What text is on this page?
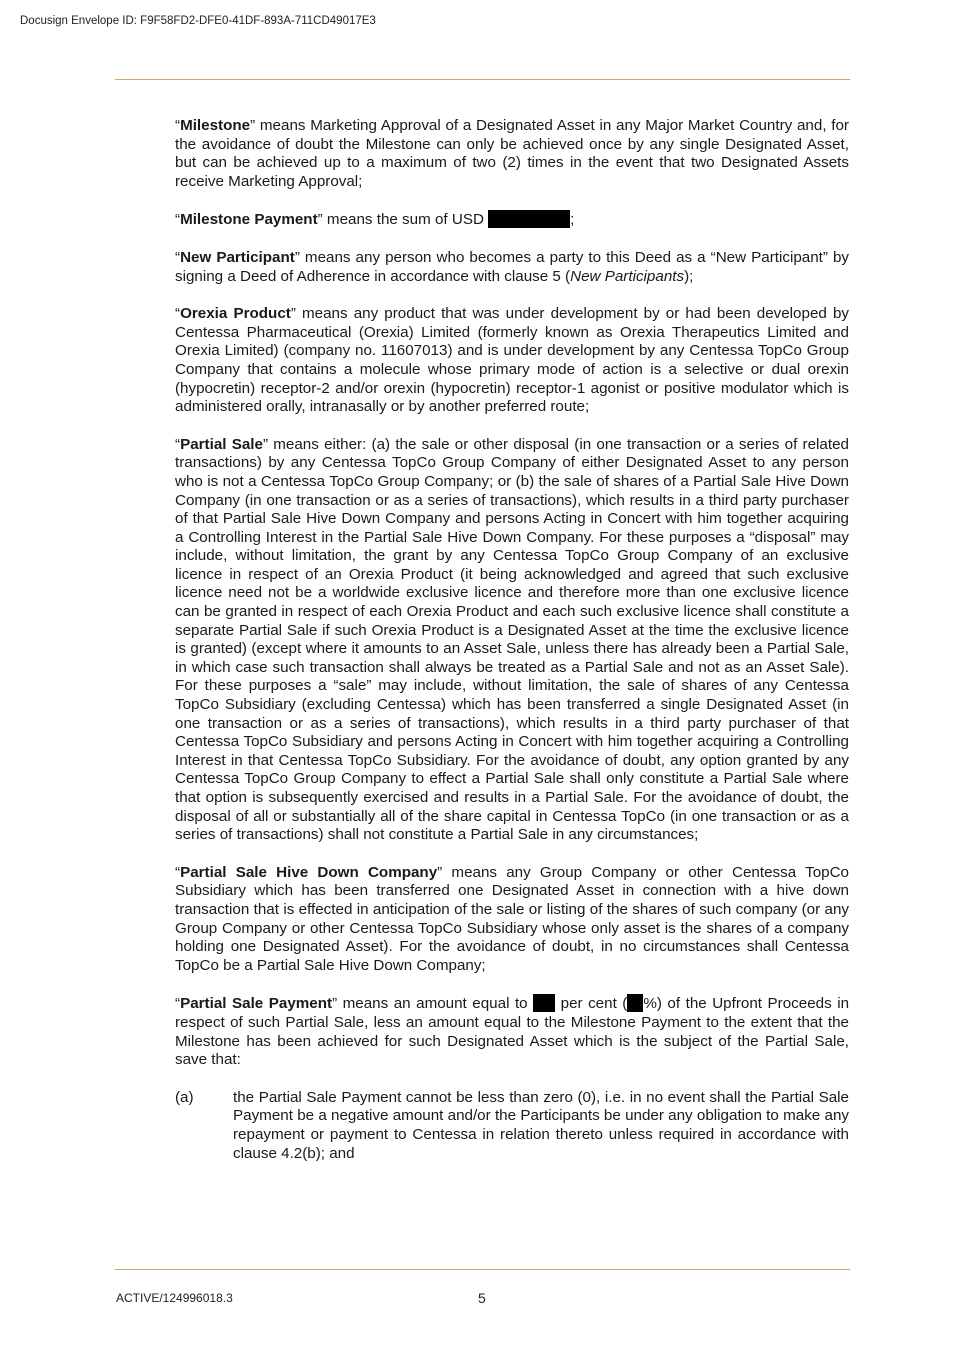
Docusign Envelope ID: F9F58FD2-DFE0-41DF-893A-711CD49017E3

“Milestone” means Marketing Approval of a Designated Asset in any Major Market Country and, for the avoidance of doubt the Milestone can only be achieved once by any single Designated Asset, but can be achieved up to a maximum of two (2) times in the event that two Designated Assets receive Marketing Approval;

“Milestone Payment” means the sum of USD	;

“New Participant” means any person who becomes a party to this Deed as a “New Participant” by signing a Deed of Adherence in accordance with clause 5 (New Participants);

“Orexia Product” means any product that was under development by or had been developed by Centessa Pharmaceutical (Orexia) Limited (formerly known as Orexia Therapeutics Limited and Orexia Limited) (company no. 11607013) and is under development by any Centessa TopCo Group Company that contains a molecule whose primary mode of action is a selective or dual orexin (hypocretin) receptor-2 and/or orexin (hypocretin) receptor-1 agonist or positive modulator which is administered orally, intranasally or by another preferred route;

“Partial Sale” means either: (a) the sale or other disposal (in one transaction or a series of related transactions) by any Centessa TopCo Group Company of either Designated Asset to any person who is not a Centessa TopCo Group Company; or (b) the sale of shares of a Partial Sale Hive Down Company (in one transaction or as a series of transactions), which results in a third party purchaser of that Partial Sale Hive Down Company and persons Acting in Concert with him together acquiring a Controlling Interest in the Partial Sale Hive Down Company. For these purposes a “disposal” may include, without limitation, the grant by any Centessa TopCo Group Company of an exclusive licence in respect of an Orexia Product (it being acknowledged and agreed that such exclusive licence need not be a worldwide exclusive licence and therefore more than one exclusive licence can be granted in respect of each Orexia Product and each such exclusive licence shall constitute a separate Partial Sale if such Orexia Product is a Designated Asset at the time the exclusive licence is granted) (except where it amounts to an Asset Sale, unless there has already been a Partial Sale, in which case such transaction shall always be treated as a Partial Sale and not as an Asset Sale). For these purposes a “sale” may include, without limitation, the sale of shares of any Centessa TopCo Subsidiary (excluding Centessa) which has been transferred a single Designated Asset (in one transaction or as a series of transactions), which results in a third party purchaser of that Centessa TopCo Subsidiary and persons Acting in Concert with him together acquiring a Controlling Interest in that Centessa TopCo Subsidiary. For the avoidance of doubt, any option granted by any Centessa TopCo Group Company to effect a Partial Sale shall only constitute a Partial Sale where that option is subsequently exercised and results in a Partial Sale. For the avoidance of doubt, the disposal of all or substantially all of the share capital in Centessa TopCo (in one transaction or as a series of transactions) shall not constitute a Partial Sale in any circumstances;

“Partial Sale Hive Down Company” means any Group Company or other Centessa TopCo Subsidiary which has been transferred one Designated Asset in connection with a hive down transaction that is effected in anticipation of the sale or listing of the shares of such company (or any Group Company or other Centessa TopCo Subsidiary whose only asset is the shares of a company holding one Designated Asset). For the avoidance of doubt, in no circumstances shall Centessa TopCo be a Partial Sale Hive Down Company;

“Partial Sale Payment” means an amount equal to  per cent ( %) of the Upfront Proceeds in respect of such Partial Sale, less an amount equal to the Milestone Payment to the extent that the Milestone has been achieved for such Designated Asset which is the subject of the Partial Sale, save that:

(a)	the Partial Sale Payment cannot be less than zero (0), i.e. in no event shall the Partial Sale Payment be a negative amount and/or the Participants be under any obligation to make any repayment or payment to Centessa in relation thereto unless required in accordance with clause 4.2(b); and
ACTIVE/124996018.3	5
